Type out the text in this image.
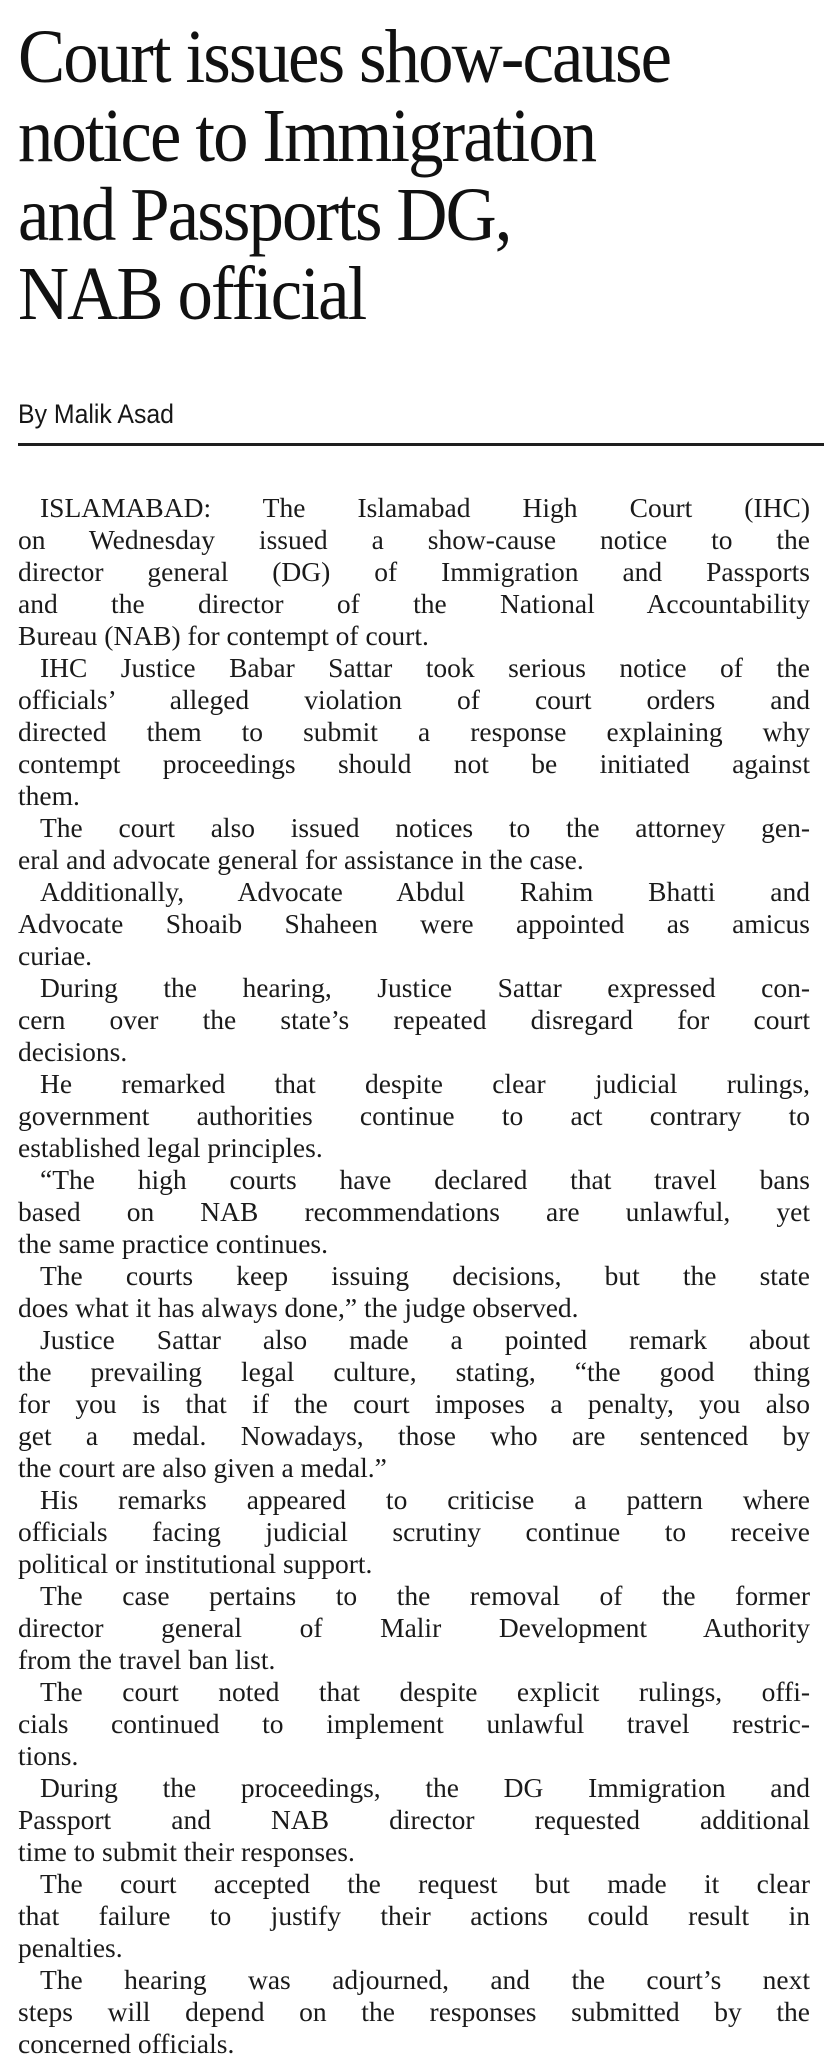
Court issues show-cause
notice to Immigration
and Passports DG,
NAB official
By Malik Asad

ISLAMABAD: The Islamabad High Court (IHC)
on Wednesday issued a show-cause notice to the
director general (DG) of Immigration and Passports
and the director of the National Accountability
Bureau (NAB) for contempt of court.

IHC Justice Babar Sattar took serious notice of the
officials’ alleged violation of court orders and
directed them to submit a response explaining why
contempt proceedings should not be initiated against
them.

The court also issued notices to the attorney gen-
eral and advocate general for assistance in the case.

Additionally, Advocate Abdul Rahim Bhatti and
Advocate Shoaib Shaheen were appointed as amicus
curiae.

During the hearing, Justice Sattar expressed con-
cern over the state’s repeated disregard for court
decisions.

He remarked that despite clear judicial rulings,
government authorities continue to act contrary to
established legal principles.

“The high courts have declared that travel bans
based on NAB recommendations are unlawful, yet
the same practice continues.

The courts keep issuing decisions, but the state
does what it has always done,” the judge observed.

Justice Sattar also made a pointed remark about
the prevailing legal culture, stating, “the good thing
for you is that if the court imposes a penalty, you also
get a medal. Nowadays, those who are sentenced by
the court are also given a medal.”

His remarks appeared to criticise a pattern where
officials facing judicial scrutiny continue to receive
political or institutional support.

The case pertains to the removal of the former
director general of Malir Development Authority
from the travel ban list.

The court noted that despite explicit rulings, offi-
cials continued to implement unlawful travel restric-
tions.

During the proceedings, the DG Immigration and
Passport and NAB director requested additional
time to submit their responses.

The court accepted the request but made it clear
that failure to justify their actions could result in
penalties.

The hearing was adjourned, and the court’s next
steps will depend on the responses submitted by the
concerned officials.
